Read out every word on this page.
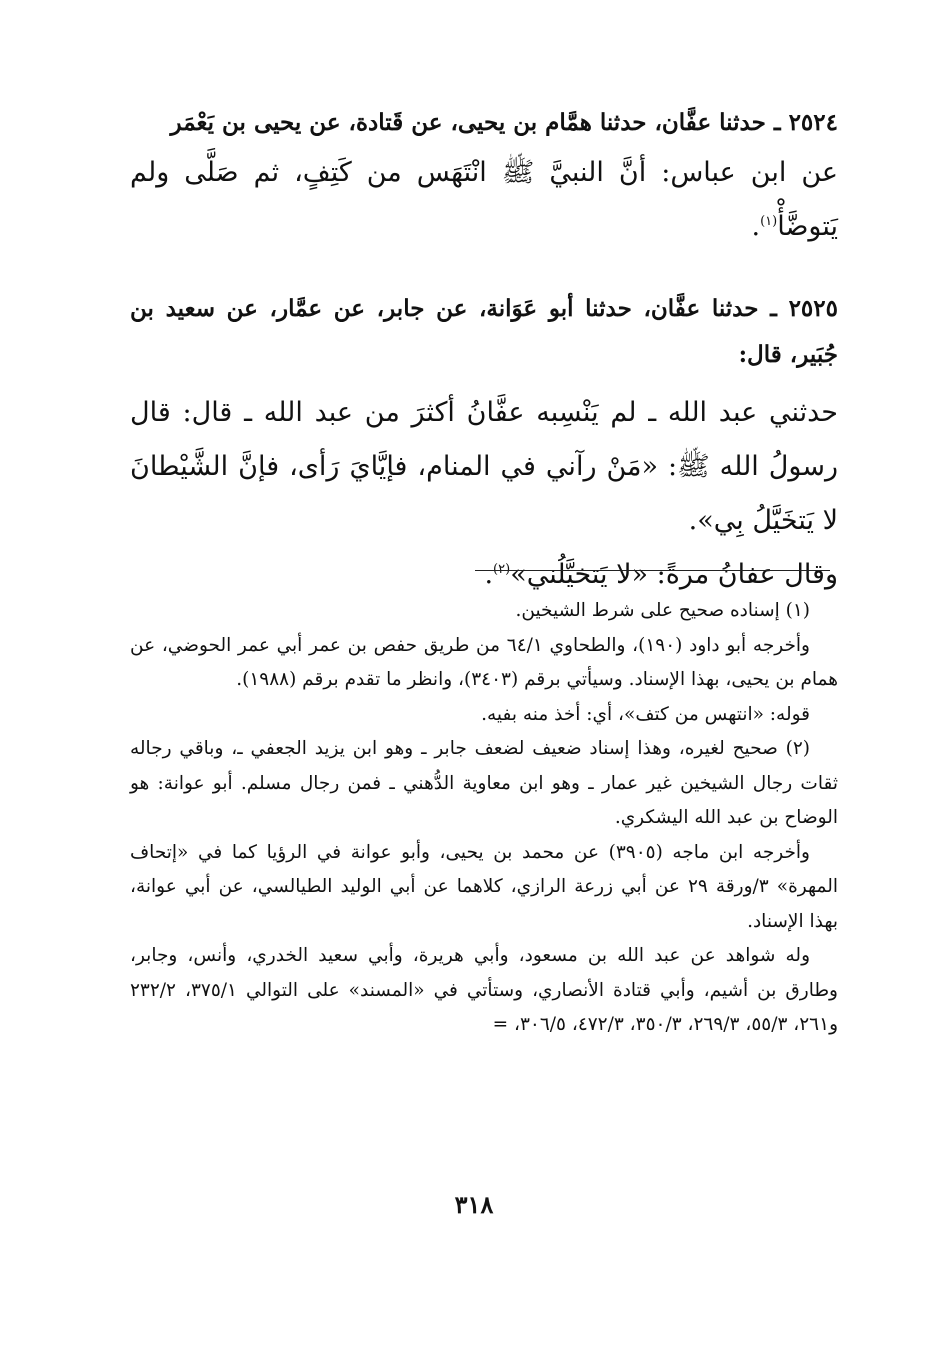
٢٥٢٤ ـ حدثنا عفَّان، حدثنا همَّام بن يحيى، عن قَتادة، عن يحيى بن يَعْمَر

عن ابن عباس: أنَّ النبيَّ ﷺ انْتَهَس من كَتِفٍ، ثم صَلَّى ولم يَتوضَّأْ$^{(١)}$.

٢٥٢٥ ـ حدثنا عفَّان، حدثنا أبو عَوَانة، عن جابر، عن عمَّار، عن سعيد بن جُبَير، قال:

حدثني عبد الله ـ لم يَنْسِبه عفَّانُ أكثرَ من عبد الله ـ قال: قال رسولُ الله ﷺ: «مَنْ رآني في المنام، فإيَّايَ رَأى، فإنَّ الشَّيْطانَ لا يَتخَيَّلُ بِي».

وقال عفانُ مرةً: «لا يَتخيَّلُني»$^{(٢)}$.

(١) إسناده صحيح على شرط الشيخين.

وأخرجه أبو داود (١٩٠)، والطحاوي ٦٤/١ من طريق حفص بن عمر أبي عمر الحوضي، عن همام بن يحيى، بهذا الإسناد. وسيأتي برقم (٣٤٠٣)، وانظر ما تقدم برقم (١٩٨٨).

قوله: «انتهس من كتف»، أي: أخذ منه بفيه.

(٢) صحيح لغيره، وهذا إسناد ضعيف لضعف جابر ـ وهو ابن يزيد الجعفي ـ، وباقي رجاله ثقات رجال الشيخين غير عمار ـ وهو ابن معاوية الدُّهني ـ فمن رجال مسلم. أبو عوانة: هو الوضاح بن عبد الله اليشكري.

وأخرجه ابن ماجه (٣٩٠٥) عن محمد بن يحيى، وأبو عوانة في الرؤيا كما في «إتحاف المهرة» ٣/ورقة ٢٩ عن أبي زرعة الرازي، كلاهما عن أبي الوليد الطيالسي، عن أبي عوانة، بهذا الإسناد.

وله شواهد عن عبد الله بن مسعود، وأبي هريرة، وأبي سعيد الخدري، وأنس، وجابر، وطارق بن أشيم، وأبي قتادة الأنصاري، وستأتي في «المسند» على التوالي ٣٧٥/١، ٢٣٢/٢ و٢٦١، ٥٥/٣، ٢٦٩/٣، ٣٥٠/٣، ٤٧٢/٣، ٣٠٦/٥، =

٣١٨
